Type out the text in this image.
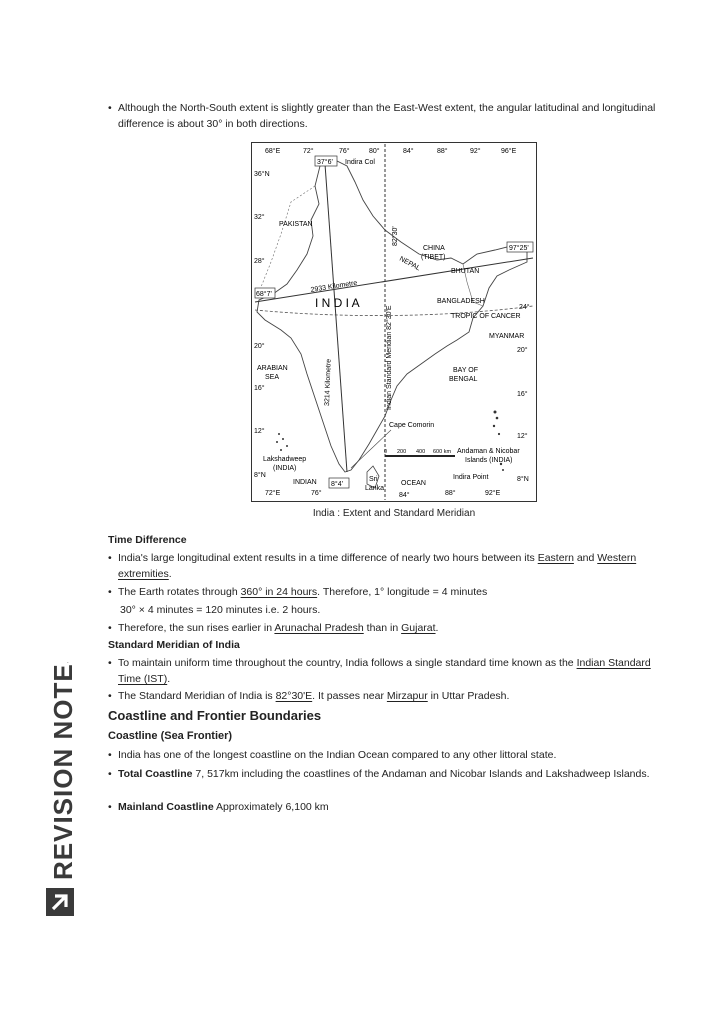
• Although the North-South extent is slightly greater than the East-West extent, the angular latitudinal and longitudinal difference is about 30° in both directions.
68°E	72°	76°	80°	84°	88°	92°	96°E
36°N
32°
28°
20°
16°
12°
8°N
24°
20°
16°
12°
8°N
72°E	76°	84°	88°	92°E
37°6'
68°7'
97°25'
8°4'
Indira Col
PAKISTAN
CHINA
(TIBET)
NEPAL	BHUTAN
I N D I A	BANGLADESH
TROPIC OF CANCER
MYANMAR
ARABIAN
SEA
BAY OF
BENGAL
2933 Kilometre
3214 Kilometre	Indian Standard Meridian 82°30'E
82°30'
Cape Comorin
0 200 400 600 km Andaman & Nicobar
Islands (INDIA)
Lakshadweep
(INDIA)
Indira Point
Sri
Lanka
INDIAN	OCEAN
India : Extent and Standard Meridian
Time Difference
• India's large longitudinal extent results in a time difference of nearly two hours between its Eastern and Western extremities.
• The Earth rotates through 360° in 24 hours. Therefore, 1° longitude = 4 minutes
30° × 4 minutes = 120 minutes i.e. 2 hours.
• Therefore, the sun rises earlier in Arunachal Pradesh than in Gujarat.
Standard Meridian of India
• To maintain uniform time throughout the country, India follows a single standard time known as the Indian Standard Time (IST).
• The Standard Meridian of India is 82°30'E. It passes near Mirzapur in Uttar Pradesh.
Coastline and Frontier Boundaries
Coastline (Sea Frontier)
• India has one of the longest coastline on the Indian Ocean compared to any other littoral state.
• Total Coastline 7, 517km including the coastlines of the Andaman and Nicobar Islands and Lakshadweep Islands.
• Mainland Coastline Approximately 6,100 km
REVISION NOTES
